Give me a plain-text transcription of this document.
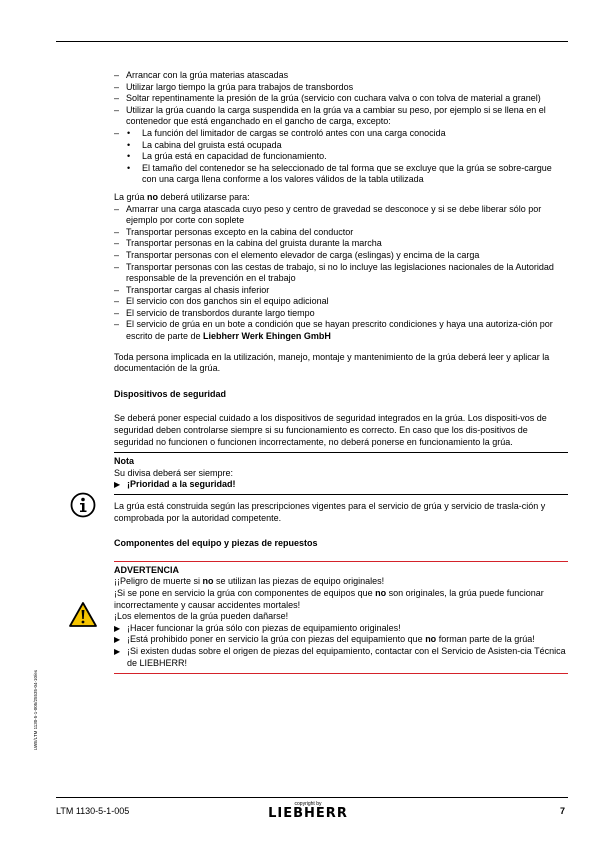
– Arrancar con la grúa materias atascadas
– Utilizar largo tiempo la grúa para trabajos de transbordos
– Soltar repentinamente la presión de la grúa (servicio con cuchara valva o con tolva de material a granel)
– Utilizar la grúa cuando la carga suspendida en la grúa va a cambiar su peso, por ejemplo si se llena en el contenedor que está enganchado en el gancho de carga, excepto:
– La función del limitador de cargas se controló antes con una carga conocida •
La cabina del gruista está ocupada •
La grúa está en capacidad de funcionamiento. •
El tamaño del contenedor se ha seleccionado de tal forma que se excluye que la grúa se sobre-cargue con una carga llena conforme a los valores válidos de la tabla utilizada •

La grúa no deberá utilizarse para:

– Amarrar una carga atascada cuyo peso y centro de gravedad se desconoce y si se debe liberar sólo por ejemplo por corte con soplete
– Transportar personas excepto en la cabina del conductor
– Transportar personas en la cabina del gruista durante la marcha
– Transportar personas con el elemento elevador de carga (eslingas) y encima de la carga
– Transportar personas con las cestas de trabajo, si no lo incluye las legislaciones nacionales de la Autoridad responsable de la prevención en el trabajo
– Transportar cargas al chasis inferior
– El servicio con dos ganchos sin el equipo adicional
– El servicio de transbordos durante largo tiempo
– El servicio de grúa en un bote a condición que se hayan prescrito condiciones y haya una autoriza-ción por escrito de parte de Liebherr Werk Ehingen GmbH

Toda persona implicada en la utilización, manejo, montaje y mantenimiento de la grúa deberá leer y aplicar la documentación de la grúa.

Dispositivos de seguridad

Se deberá poner especial cuidado a los dispositivos de seguridad integrados en la grúa. Los dispositi-vos de seguridad deben controlarse siempre si su funcionamiento es correcto. En caso que los dis-positivos de seguridad no funcionen o funcionen incorrectamente, no deberá ponerse en funcionamiento la grúa.

Nota
Su divisa deberá ser siempre:
▶ ¡Prioridad a la seguridad!

La grúa está construida según las prescripciones vigentes para el servicio de grúa y servicio de trasla-ción y comprobada por la autoridad competente.

Componentes del equipo y piezas de repuestos

ADVERTENCIA
¡¡Peligro de muerte si no se utilizan las piezas de equipo originales!
¡Si se pone en servicio la grúa con componentes de equipos que no son originales, la grúa puede funcionar incorrectamente y causar accidentes mortales!
¡Los elementos de la grúa pueden dañarse!
▶ ¡Hacer funcionar la grúa sólo con piezas de equipamiento originales!
▶ ¡Está prohibido poner en servicio la grúa con piezas del equipamiento que no forman parte de la grúa!
▶ ¡Si existen dudas sobre el origen de piezas del equipamiento, contactar con el Servicio de Asisten-cia Técnica de LIEBHERR!
LWE/LTM 1130-5-1-005/25535-04-10/es
LTM 1130-5-1-005
copyright by
LIEBHERR	7
